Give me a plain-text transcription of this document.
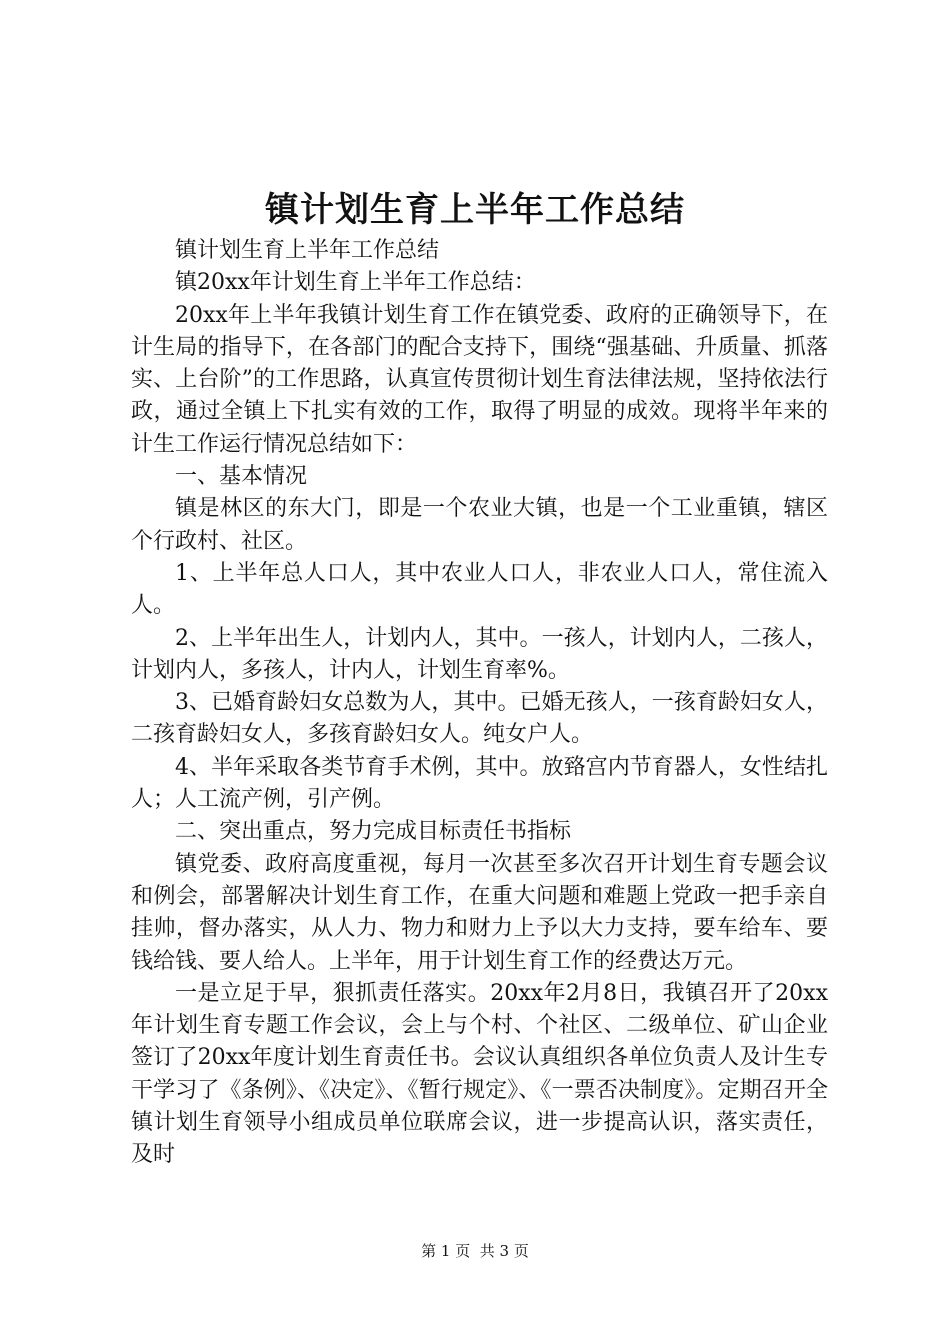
镇计划生育上半年工作总结

镇计划生育上半年工作总结

镇20xx年计划生育上半年工作总结：

20xx年上半年我镇计划生育工作在镇党委、政府的正确领导下，在计生局的指导下，在各部门的配合支持下，围绕“强基础、升质量、抓落实、上台阶”的工作思路，认真宣传贯彻计划生育法律法规，坚持依法行政，通过全镇上下扎实有效的工作，取得了明显的成效。现将半年来的计生工作运行情况总结如下：

一、基本情况

镇是林区的东大门，即是一个农业大镇，也是一个工业重镇，辖区个行政村、社区。

1、上半年总人口人，其中农业人口人，非农业人口人，常住流入人。

2、上半年出生人，计划内人，其中。一孩人，计划内人，二孩人，计划内人，多孩人，计内人，计划生育率%。

3、已婚育龄妇女总数为人，其中。已婚无孩人，一孩育龄妇女人，二孩育龄妇女人，多孩育龄妇女人。纯女户人。

4、半年采取各类节育手术例，其中。放臵宫内节育器人，女性结扎人；人工流产例，引产例。

二、突出重点，努力完成目标责任书指标

镇党委、政府高度重视，每月一次甚至多次召开计划生育专题会议和例会，部署解决计划生育工作，在重大问题和难题上党政一把手亲自挂帅，督办落实，从人力、物力和财力上予以大力支持，要车给车、要钱给钱、要人给人。上半年，用于计划生育工作的经费达万元。

一是立足于早，狠抓责任落实。20xx年2月8日，我镇召开了20xx年计划生育专题工作会议，会上与个村、个社区、二级单位、矿山企业签订了20xx年度计划生育责任书。会议认真组织各单位负责人及计生专干学习了《条例》、《决定》、《暂行规定》、《一票否决制度》。定期召开全镇计划生育领导小组成员单位联席会议，进一步提高认识，落实责任，及时

第 1 页  共 3 页
